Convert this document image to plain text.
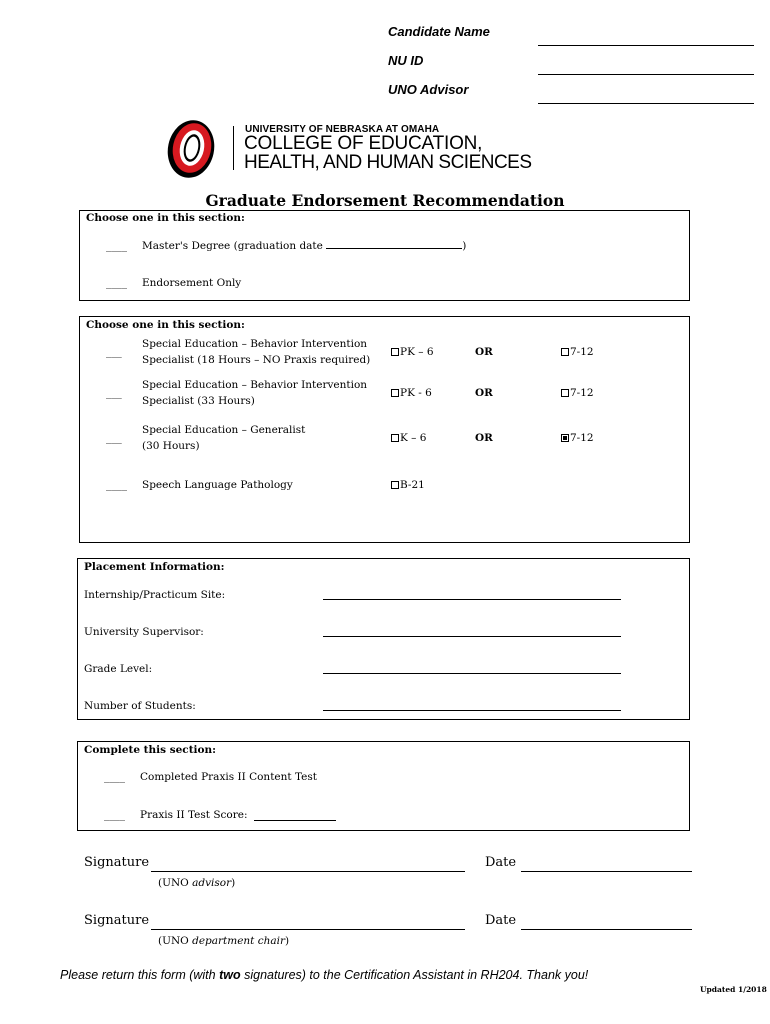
Candidate Name
NU ID
UNO Advisor
UNIVERSITY OF NEBRASKA AT OMAHA
COLLEGE OF EDUCATION,
HEALTH, AND HUMAN SCIENCES
Graduate Endorsement Recommendation
Choose one in this section:
____ Master's Degree (graduation date	)
____ Endorsement Only
Choose one in this section:
___
Special Education – Behavior Intervention
Specialist (18 Hours – NO Praxis required)
PK – 6	OR	7-12
___
Special Education – Behavior Intervention
Specialist (33 Hours)
PK - 6	OR	7-12
___
Special Education – Generalist
(30 Hours)
K – 6	OR	7-12
____ Speech Language Pathology	B-21
Placement Information:
Internship/Practicum Site:
University Supervisor:
Grade Level:
Number of Students:
Complete this section:
____ Completed Praxis II Content Test
____ Praxis II Test Score:
Signature	Date
(UNO advisor)
Signature	Date
(UNO department chair)
Please return this form (with two signatures) to the Certification Assistant in RH204. Thank you!
Updated 1/2018
